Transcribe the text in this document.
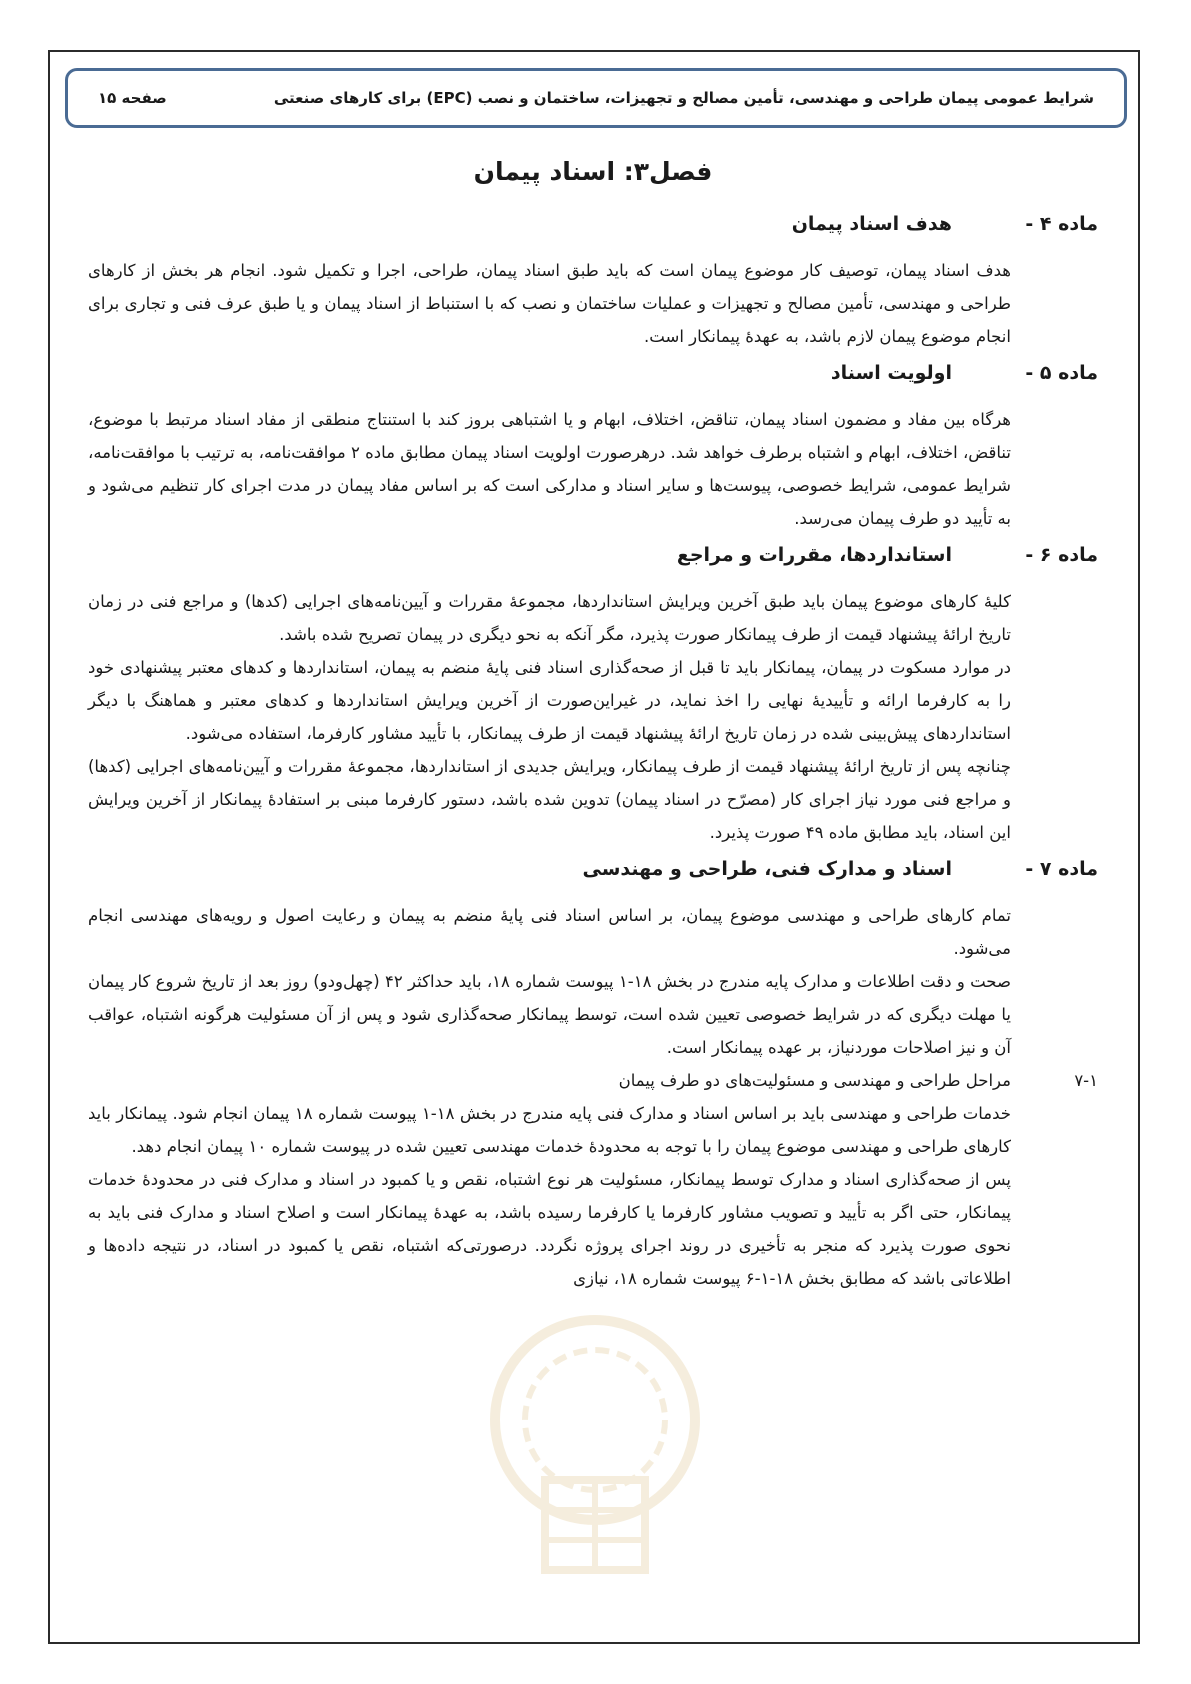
شرایط عمومی پیمان طراحی و مهندسی، تأمین مصالح و تجهیزات، ساختمان و نصب (EPC) برای کارهای صنعتی
صفحه ۱۵
فصل۳: اسناد پیمان
ماده ۴ -هدف اسناد پیمان

هدف اسناد پیمان، توصیف کار موضوع پیمان است که باید طبق اسناد پیمان، طراحی، اجرا و تکمیل شود. انجام هر بخش از کارهای طراحی و مهندسی، تأمین مصالح و تجهیزات و عملیات ساختمان و نصب که با استنباط از اسناد پیمان و یا طبق عرف فنی و تجاری برای انجام موضوع پیمان لازم باشد، به عهدهٔ پیمانکار است.

ماده ۵ -اولویت اسناد

هرگاه بین مفاد و مضمون اسناد پیمان، تناقض، اختلاف، ابهام و یا اشتباهی بروز کند با استنتاج منطقی از مفاد اسناد مرتبط با موضوع، تناقض، اختلاف، ابهام و اشتباه برطرف خواهد شد. درهرصورت اولویت اسناد پیمان مطابق ماده ۲ موافقت‌نامه، به ترتیب با موافقت‌نامه، شرایط عمومی، شرایط خصوصی، پیوست‌ها و سایر اسناد و مدارکی است که بر اساس مفاد پیمان در مدت اجرای کار تنظیم می‌شود و به تأیید دو طرف پیمان می‌رسد.

ماده ۶ -استانداردها، مقررات و مراجع

کلیهٔ کارهای موضوع پیمان باید طبق آخرین ویرایش استانداردها، مجموعهٔ مقررات و آیین‌نامه‌های اجرایی (کدها) و مراجع فنی در زمان تاریخ ارائهٔ پیشنهاد قیمت از طرف پیمانکار صورت پذیرد، مگر آنکه به نحو دیگری در پیمان تصریح شده باشد.

در موارد مسکوت در پیمان، پیمانکار باید تا قبل از صحه‌گذاری اسناد فنی پایهٔ منضم به پیمان، استانداردها و کدهای معتبر پیشنهادی خود را به کارفرما ارائه و تأییدیهٔ نهایی را اخذ نماید، در غیراین‌صورت از آخرین ویرایش استانداردها و کدهای معتبر و هماهنگ با دیگر استانداردهای پیش‌بینی شده در زمان تاریخ ارائهٔ پیشنهاد قیمت از طرف پیمانکار، با تأیید مشاور کارفرما، استفاده می‌شود.

چنانچه پس از تاریخ ارائهٔ پیشنهاد قیمت از طرف پیمانکار، ویرایش جدیدی از استانداردها، مجموعهٔ مقررات و آیین‌نامه‌های اجرایی (کدها) و مراجع فنی مورد نیاز اجرای کار (مصرّح در اسناد پیمان) تدوین شده باشد، دستور کارفرما مبنی بر استفادهٔ پیمانکار از آخرین ویرایش این اسناد، باید مطابق ماده ۴۹ صورت پذیرد.

ماده ۷ -اسناد و مدارک فنی، طراحی و مهندسی

تمام کارهای طراحی و مهندسی موضوع پیمان، بر اساس اسناد فنی پایهٔ منضم به پیمان و رعایت اصول و رویه‌های مهندسی انجام می‌شود.

صحت و دقت اطلاعات و مدارک پایه مندرج در بخش ۱۸-۱ پیوست شماره ۱۸، باید حداکثر ۴۲ (چهل‌ودو) روز بعد از تاریخ شروع کار پیمان یا مهلت دیگری که در شرایط خصوصی تعیین شده است، توسط پیمانکار صحه‌گذاری شود و پس از آن مسئولیت هرگونه اشتباه، عواقب آن و نیز اصلاحات موردنیاز، بر عهده پیمانکار است.

۷-۱
مراحل طراحی و مهندسی و مسئولیت‌های دو طرف پیمان

خدمات طراحی و مهندسی باید بر اساس اسناد و مدارک فنی پایه مندرج در بخش ۱۸-۱ پیوست شماره ۱۸ پیمان انجام شود. پیمانکار باید کارهای طراحی و مهندسی موضوع پیمان را با توجه به محدودهٔ خدمات مهندسی تعیین شده در پیوست شماره ۱۰ پیمان انجام دهد.

پس از صحه‌گذاری اسناد و مدارک توسط پیمانکار، مسئولیت هر نوع اشتباه، نقص و یا کمبود در اسناد و مدارک فنی در محدودهٔ خدمات پیمانکار، حتی اگر به تأیید و تصویب مشاور کارفرما یا کارفرما رسیده باشد، به عهدهٔ پیمانکار است و اصلاح اسناد و مدارک فنی باید به نحوی صورت پذیرد که منجر به تأخیری در روند اجرای پروژه نگردد. درصورتی‌که اشتباه، نقص یا کمبود در اسناد، در نتیجه داده‌ها و اطلاعاتی باشد که مطابق بخش ۱۸-۱-۶ پیوست شماره ۱۸، نیازی
